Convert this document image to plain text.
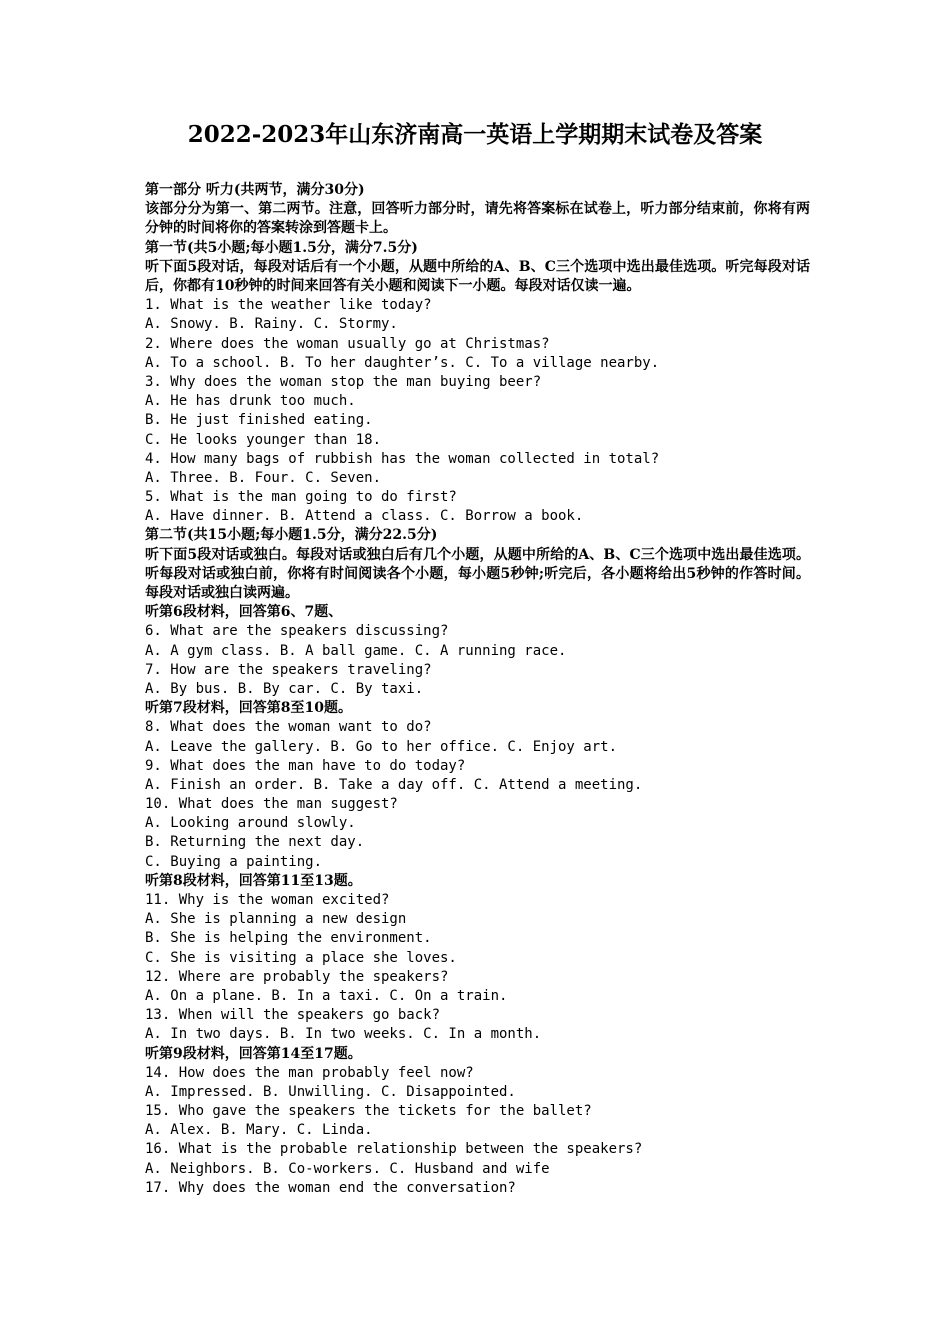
2022-2023年山东济南高一英语上学期期末试卷及答案
第一部分 听力(共两节，满分30分)
该部分分为第一、第二两节。注意，回答听力部分时，请先将答案标在试卷上，听力部分结束前，你将有两分钟的时间将你的答案转涂到答题卡上。
第一节(共5小题;每小题1.5分，满分7.5分)
听下面5段对话，每段对话后有一个小题，从题中所给的A、B、C三个选项中选出最佳选项。听完每段对话后，你都有10秒钟的时间来回答有关小题和阅读下一小题。每段对话仅读一遍。
1. What is the weather like today?
A. Snowy. B. Rainy. C. Stormy.
2. Where does the woman usually go at Christmas?
A. To a school. B. To her daughter’s. C. To a village nearby.
3. Why does the woman stop the man buying beer?
A. He has drunk too much.
B. He just finished eating.
C. He looks younger than 18.
4. How many bags of rubbish has the woman collected in total?
A. Three. B. Four. C. Seven.
5. What is the man going to do first?
A. Have dinner. B. Attend a class. C. Borrow a book.
第二节(共15小题;每小题1.5分，满分22.5分)
听下面5段对话或独白。每段对话或独白后有几个小题，从题中所给的A、B、C三个选项中选出最佳选项。听每段对话或独白前，你将有时间阅读各个小题，每小题5秒钟;听完后，各小题将给出5秒钟的作答时间。每段对话或独白读两遍。
听第6段材料，回答第6、7题、
6. What are the speakers discussing?
A. A gym class. B. A ball game. C. A running race.
7. How are the speakers traveling?
A. By bus. B. By car. C. By taxi.
听第7段材料，回答第8至10题。
8. What does the woman want to do?
A. Leave the gallery. B. Go to her office. C. Enjoy art.
9. What does the man have to do today?
A. Finish an order. B. Take a day off. C. Attend a meeting.
10. What does the man suggest?
A. Looking around slowly.
B. Returning the next day.
C. Buying a painting.
听第8段材料，回答第11至13题。
11. Why is the woman excited?
A. She is planning a new design
B. She is helping the environment.
C. She is visiting a place she loves.
12. Where are probably the speakers?
A. On a plane. B. In a taxi. C. On a train.
13. When will the speakers go back?
A. In two days. B. In two weeks. C. In a month.
听第9段材料，回答第14至17题。
14. How does the man probably feel now?
A. Impressed. B. Unwilling. C. Disappointed.
15. Who gave the speakers the tickets for the ballet?
A. Alex. B. Mary. C. Linda.
16. What is the probable relationship between the speakers?
A. Neighbors. B. Co-workers. C. Husband and wife
17. Why does the woman end the conversation?
